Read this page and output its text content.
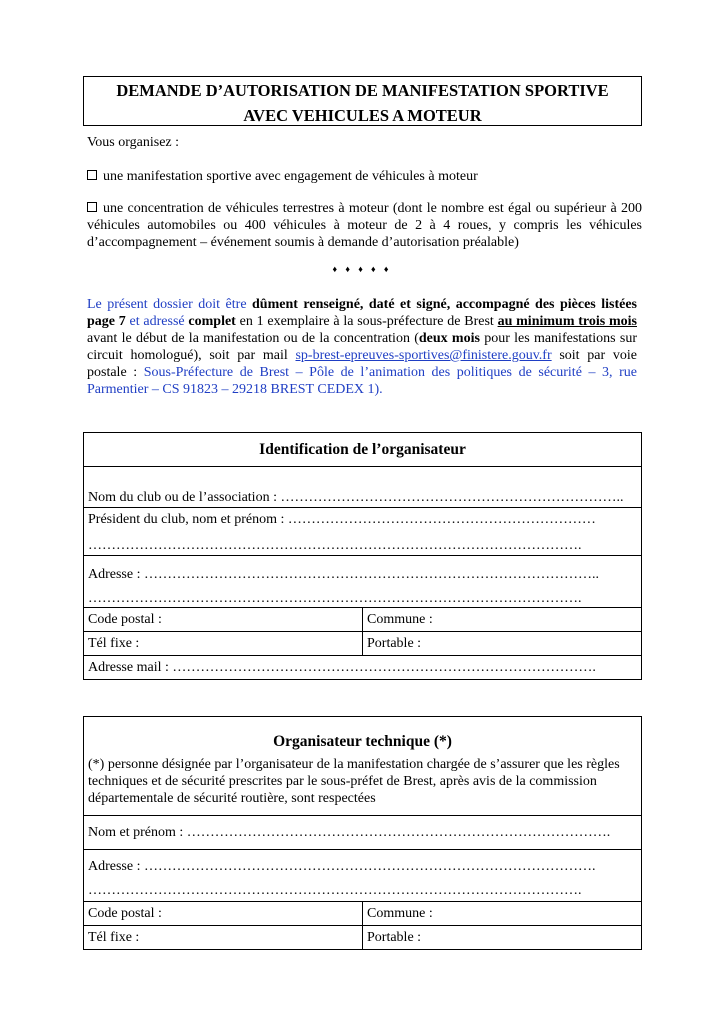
DEMANDE D’AUTORISATION DE MANIFESTATION SPORTIVE
AVEC VEHICULES A MOTEUR
Vous organisez :
une manifestation sportive avec engagement de véhicules à moteur
une concentration de véhicules terrestres à moteur (dont le nombre est égal ou supérieur à 200 véhicules automobiles ou 400 véhicules à moteur de 2 à 4 roues, y compris les véhicules d’accompagnement – événement soumis à demande d’autorisation préalable)
♦ ♦ ♦ ♦ ♦
Le présent dossier doit être dûment renseigné, daté et signé, accompagné des pièces listées page 7 et adressé complet en 1 exemplaire à la sous-préfecture de Brest au minimum trois mois avant le début de la manifestation ou de la concentration (deux mois pour les manifestations sur circuit homologué), soit par mail sp-brest-epreuves-sportives@finistere.gouv.fr soit par voie postale : Sous-Préfecture de Brest – Pôle de l’animation des politiques de sécurité – 3, rue Parmentier – CS 91823 – 29218 BREST CEDEX 1).
Identification de l’organisateur	
Nom du club ou de l’association : ………………………………………………………………..	

Président du club, nom et prénom : …………………………………………………………
…………………………………………………………………………………………….	

Adresse : ……………………………………………………………………………………..
…………………………………………………………………………………………….	

Code postal :	Commune :
Tél fixe :	Portable :
Adresse mail : ……………………………………………………………………………….	
Organisateur technique (*)
(*) personne désignée par l’organisateur de la manifestation chargée de s’assurer que les règles techniques et de sécurité prescrites par le sous-préfet de Brest, après avis de la commission départementale de sécurité routière, sont respectées	

Nom et prénom : ……………………………………………………………………………….	

Adresse : …………………………………………………………………………………….
…………………………………………………………………………………………….	

Code postal :	Commune :
Tél fixe :	Portable :
